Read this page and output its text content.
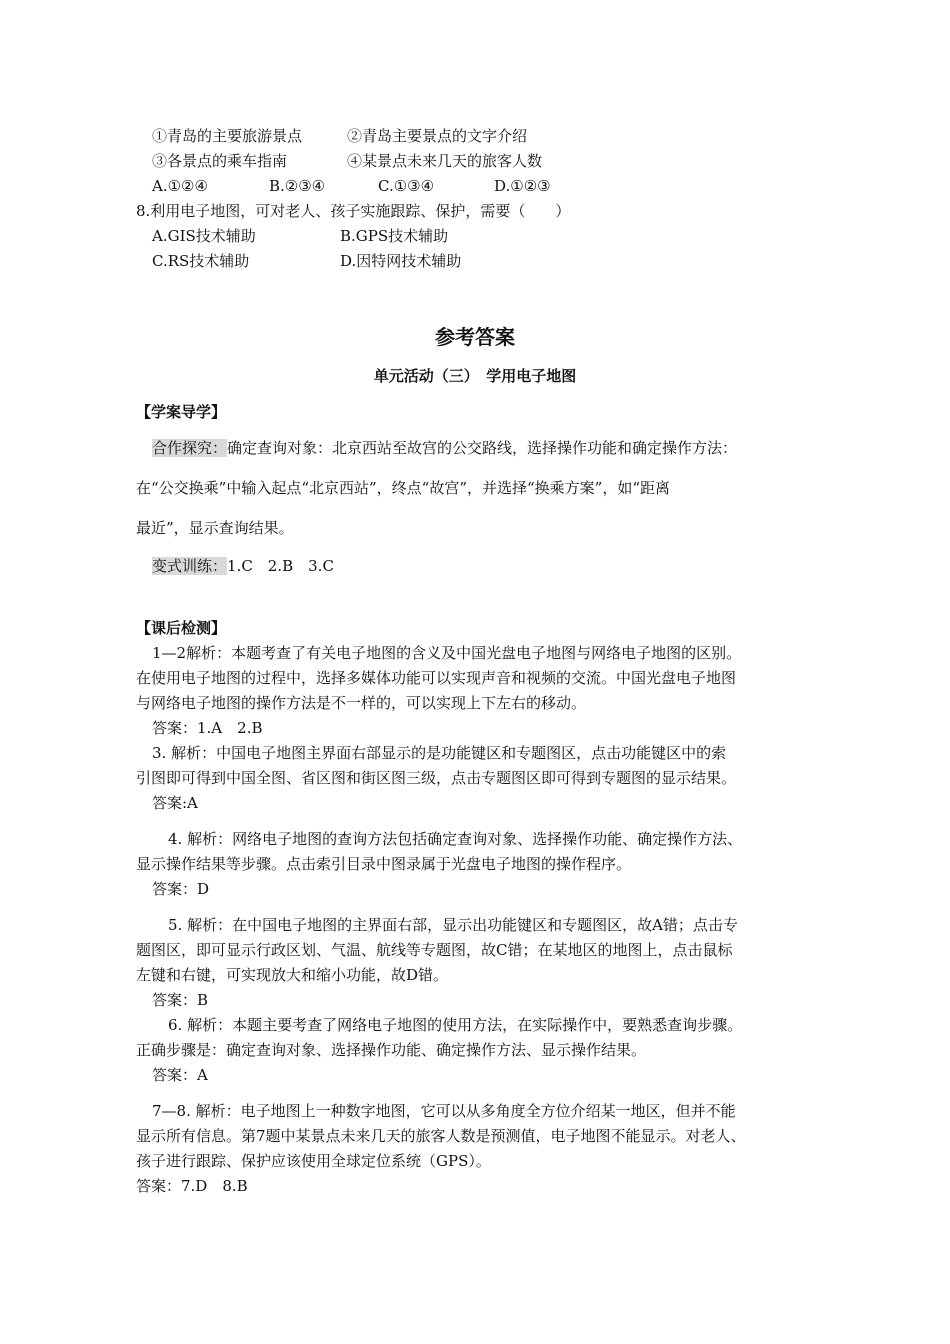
①青岛的主要旅游景点	②青岛主要景点的文字介绍
③各景点的乘车指南	④某景点未来几天的旅客人数
A.①②④	B.②③④	C.①③④	D.①②③
8.利用电子地图，可对老人、孩子实施跟踪、保护，需要（　　）
A.GIS技术辅助	B.GPS技术辅助
C.RS技术辅助	D.因特网技术辅助
参考答案
单元活动（三）　学用电子地图
【学案导学】
合作探究：确定查询对象：北京西站至故宫的公交路线，选择操作功能和确定操作方法：
在“公交换乘”中输入起点“北京西站”，终点“故宫”，并选择“换乘方案”，如“距离
最近”，显示查询结果。
变式训练：1.C　2.B　3.C
【课后检测】
1—2解析：本题考查了有关电子地图的含义及中国光盘电子地图与网络电子地图的区别。
在使用电子地图的过程中，选择多媒体功能可以实现声音和视频的交流。中国光盘电子地图
与网络电子地图的操作方法是不一样的，可以实现上下左右的移动。
答案：1.A　2.B
3. 解析：中国电子地图主界面右部显示的是功能键区和专题图区，点击功能键区中的索
引图即可得到中国全图、省区图和街区图三级，点击专题图区即可得到专题图的显示结果。
答案:A
4. 解析：网络电子地图的查询方法包括确定查询对象、选择操作功能、确定操作方法、
显示操作结果等步骤。点击索引目录中图录属于光盘电子地图的操作程序。
答案：D
5. 解析：在中国电子地图的主界面右部，显示出功能键区和专题图区，故A错；点击专
题图区，即可显示行政区划、气温、航线等专题图，故C错；在某地区的地图上，点击鼠标
左键和右键，可实现放大和缩小功能，故D错。
答案：B
6. 解析：本题主要考查了网络电子地图的使用方法，在实际操作中，要熟悉查询步骤。
正确步骤是：确定查询对象、选择操作功能、确定操作方法、显示操作结果。
答案：A
7—8. 解析：电子地图上一种数字地图，它可以从多角度全方位介绍某一地区，但并不能
显示所有信息。第7题中某景点未来几天的旅客人数是预测值，电子地图不能显示。对老人、
孩子进行跟踪、保护应该使用全球定位系统（GPS）。
答案：7.D　8.B
